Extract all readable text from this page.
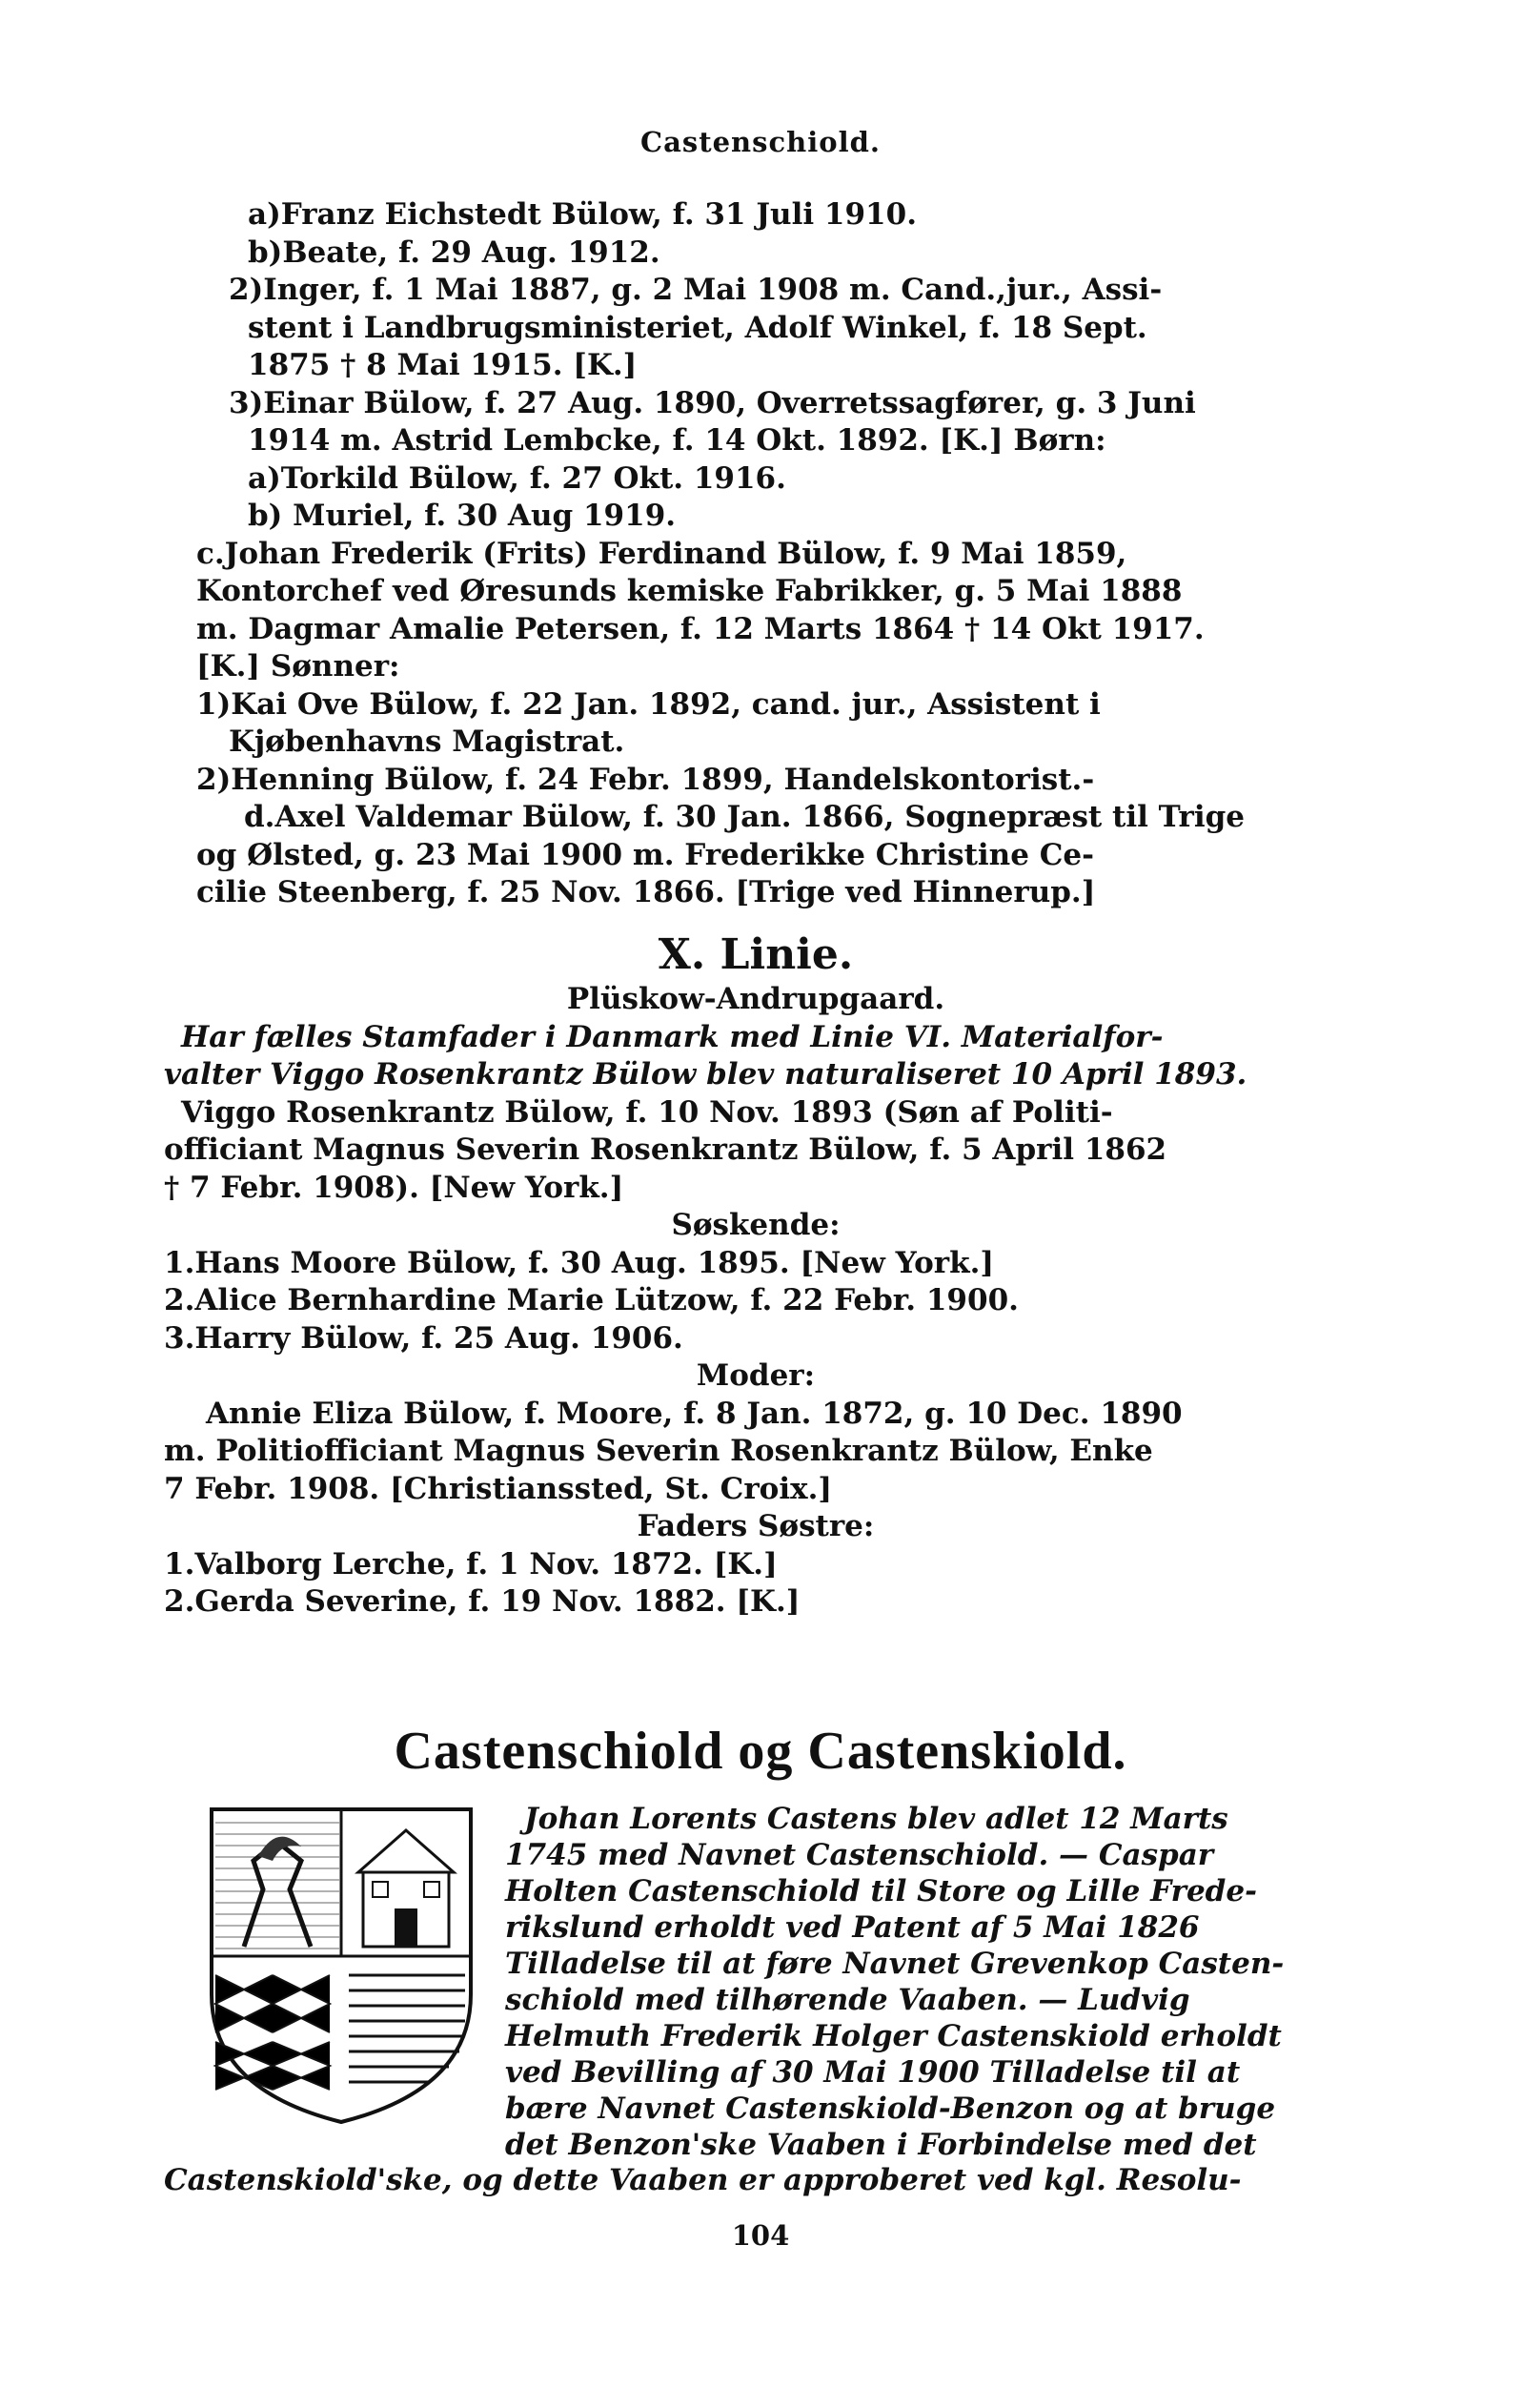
Castenschiold.
a)Franz Eichstedt Bülow, f. 31 Juli 1910.
b)Beate, f. 29 Aug. 1912.
2)Inger, f. 1 Mai 1887, g. 2 Mai 1908 m. Cand.,jur., Assi-
stent i Landbrugsministeriet, Adolf Winkel, f. 18 Sept.
1875 † 8 Mai 1915. [K.]
3)Einar Bülow, f. 27 Aug. 1890, Overretssagfører, g. 3 Juni
1914 m. Astrid Lembcke, f. 14 Okt. 1892. [K.] Børn:
a)Torkild Bülow, f. 27 Okt. 1916.
b) Muriel, f. 30 Aug 1919.
c.Johan Frederik (Frits) Ferdinand Bülow, f. 9 Mai 1859,
Kontorchef ved Øresunds kemiske Fabrikker, g. 5 Mai 1888
m. Dagmar Amalie Petersen, f. 12 Marts 1864 † 14 Okt 1917.
[K.] Sønner:
1)Kai Ove Bülow, f. 22 Jan. 1892, cand. jur., Assistent i
Kjøbenhavns Magistrat.
2)Henning Bülow, f. 24 Febr. 1899, Handelskontorist.-
d.Axel Valdemar Bülow, f. 30 Jan. 1866, Sognepræst til Trige
og Ølsted, g. 23 Mai 1900 m. Frederikke Christine Ce-
cilie Steenberg, f. 25 Nov. 1866. [Trige ved Hinnerup.]
X. Linie.
Plüskow-Andrupgaard.
Har fælles Stamfader i Danmark med Linie VI. Materialfor-
valter Viggo Rosenkrantz Bülow blev naturaliseret 10 April 1893.
Viggo Rosenkrantz Bülow, f. 10 Nov. 1893 (Søn af Politi-
officiant Magnus Severin Rosenkrantz Bülow, f. 5 April 1862
† 7 Febr. 1908). [New York.]
Søskende:
1.Hans Moore Bülow, f. 30 Aug. 1895. [New York.]
2.Alice Bernhardine Marie Lützow, f. 22 Febr. 1900.
3.Harry Bülow, f. 25 Aug. 1906.
Moder:
Annie Eliza Bülow, f. Moore, f. 8 Jan. 1872, g. 10 Dec. 1890
m. Politiofficiant Magnus Severin Rosenkrantz Bülow, Enke
7 Febr. 1908. [Christianssted, St. Croix.]
Faders Søstre:
1.Valborg Lerche, f. 1 Nov. 1872. [K.]
2.Gerda Severine, f. 19 Nov. 1882. [K.]
Castenschiold og Castenskiold.
Johan Lorents Castens blev adlet 12 Marts
1745 med Navnet Castenschiold. — Caspar
Holten Castenschiold til Store og Lille Frede-
rikslund erholdt ved Patent af 5 Mai 1826
Tilladelse til at føre Navnet Grevenkop Casten-
schiold med tilhørende Vaaben. — Ludvig
Helmuth Frederik Holger Castenskiold erholdt
ved Bevilling af 30 Mai 1900 Tilladelse til at
bære Navnet Castenskiold-Benzon og at bruge
det Benzon'ske Vaaben i Forbindelse med det
Castenskiold'ske, og dette Vaaben er approberet ved kgl. Resolu-
104
